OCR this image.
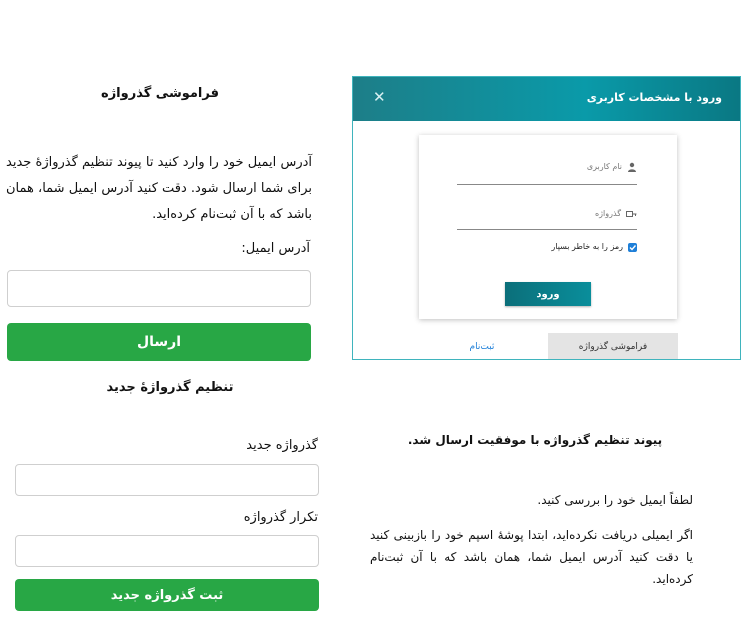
فراموشی گذرواژه
آدرس ایمیل خود را وارد کنید تا پیوند تنظیم گذرواژهٔ جدید برای شما ارسال شود. دقت کنید آدرس ایمیل شما، همان باشد که با آن ثبت‌نام کرده‌اید.
آدرس ایمیل:
ارسال
تنظیم گذرواژهٔ جدید
گذرواژه جدید
تکرار گذرواژه
ثبت گذرواژه جدید
ورود با مشخصات کاربری
✕
نام کاربری
گذرواژه
رمز را به خاطر بسپار
ورود
فراموشی گذرواژه
ثبت‌نام
پیوند تنظیم گذرواژه با موفقیت ارسال شد.
لطفاً ایمیل خود را بررسی کنید.
اگر ایمیلی دریافت نکرده‌اید، ابتدا پوشهٔ اسپم خود را بازبینی کنید یا دقت کنید آدرس ایمیل شما، همان باشد که با آن ثبت‌نام کرده‌اید.
